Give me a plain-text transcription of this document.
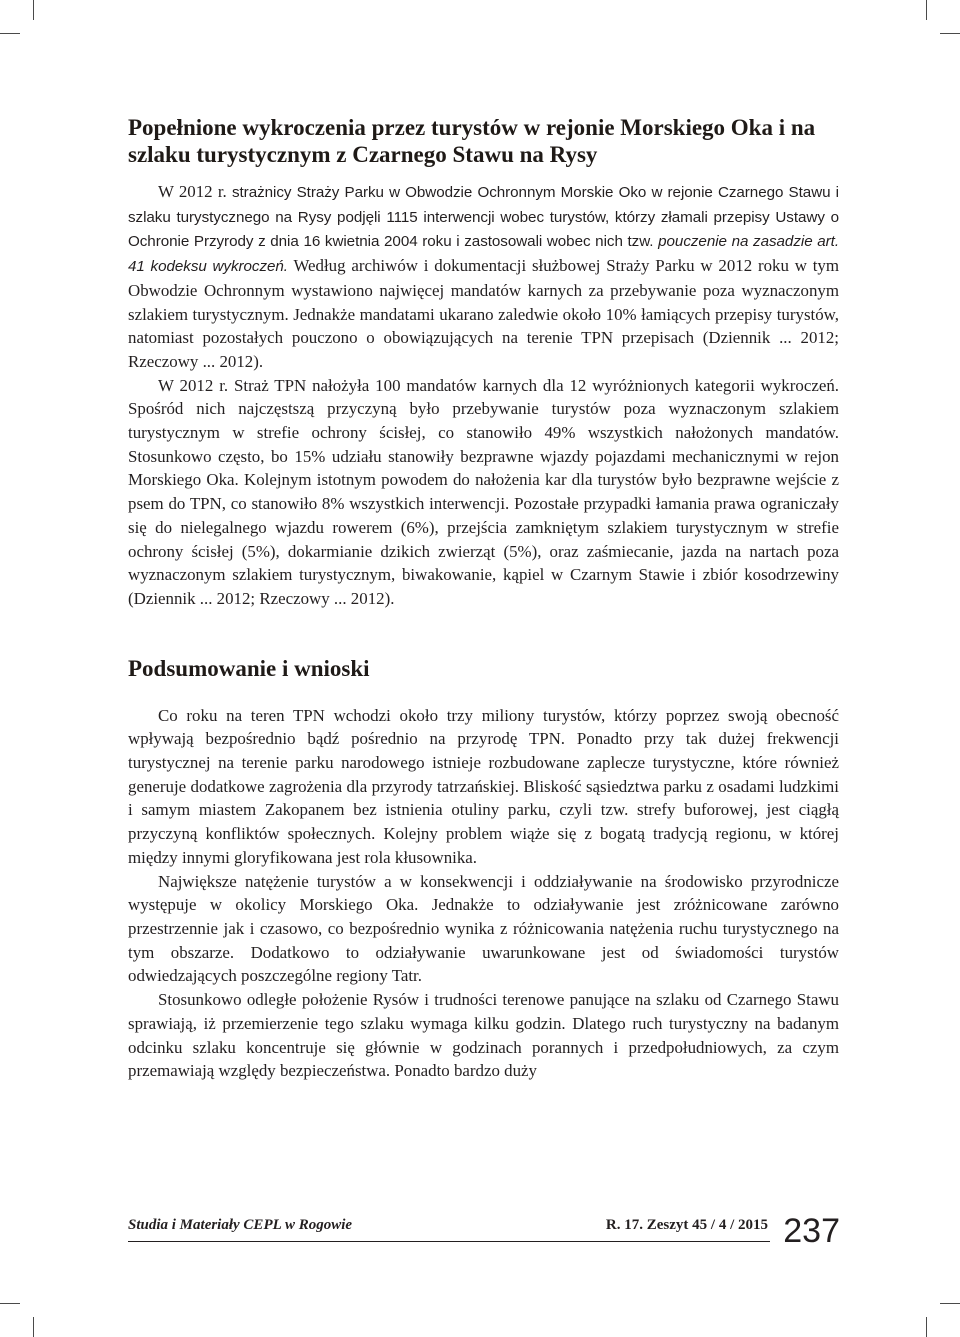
Popełnione wykroczenia przez turystów w rejonie Morskiego Oka i na szlaku turystycznym z Czarnego Stawu na Rysy

W 2012 r. strażnicy Straży Parku w Obwodzie Ochronnym Morskie Oko w rejonie Czarnego Stawu i szlaku turystycznego na Rysy podjęli 1115 interwencji wobec turystów, którzy złamali przepisy Ustawy o Ochronie Przyrody z dnia 16 kwietnia 2004 roku i zastosowali wobec nich tzw. pouczenie na zasadzie art. 41 kodeksu wykroczeń. Według archiwów i dokumentacji służbowej Straży Parku w 2012 roku w tym Obwodzie Ochronnym wystawiono najwięcej mandatów karnych za przebywanie poza wyznaczonym szlakiem turystycznym. Jednakże mandatami ukarano zaledwie około 10% łamiących przepisy turystów, natomiast pozostałych pouczono o obowiązujących na terenie TPN przepisach (Dziennik ... 2012; Rzeczowy ... 2012).

W 2012 r. Straż TPN nałożyła 100 mandatów karnych dla 12 wyróżnionych kategorii wykroczeń. Spośród nich najczęstszą przyczyną było przebywanie turystów poza wyznaczonym szlakiem turystycznym w strefie ochrony ścisłej, co stanowiło 49% wszystkich nałożonych mandatów. Stosunkowo często, bo 15% udziału stanowiły bezprawne wjazdy pojazdami mechanicznymi w rejon Morskiego Oka. Kolejnym istotnym powodem do nałożenia kar dla turystów było bezprawne wejście z psem do TPN, co stanowiło 8% wszystkich interwencji. Pozostałe przypadki łamania prawa ograniczały się do nielegalnego wjazdu rowerem (6%), przejścia zamkniętym szlakiem turystycznym w strefie ochrony ścisłej (5%), dokarmianie dzikich zwierząt (5%), oraz zaśmiecanie, jazda na nartach poza wyznaczonym szlakiem turystycznym, biwakowanie, kąpiel w Czarnym Stawie i zbiór kosodrzewiny (Dziennik ... 2012; Rzeczowy ... 2012).

Podsumowanie i wnioski

Co roku na teren TPN wchodzi około trzy miliony turystów, którzy poprzez swoją obecność wpływają bezpośrednio bądź pośrednio na przyrodę TPN. Ponadto przy tak dużej frekwencji turystycznej na terenie parku narodowego istnieje rozbudowane zaplecze turystyczne, które również generuje dodatkowe zagrożenia dla przyrody tatrzańskiej. Bliskość sąsiedztwa parku z osadami ludzkimi i samym miastem Zakopanem bez istnienia otuliny parku, czyli tzw. strefy buforowej, jest ciągłą przyczyną konfliktów społecznych. Kolejny problem wiąże się z bogatą tradycją regionu, w której między innymi gloryfikowana jest rola kłusownika.

Największe natężenie turystów a w konsekwencji i oddziaływanie na środowisko przyrodnicze występuje w okolicy Morskiego Oka. Jednakże to odziaływanie jest zróżnicowane zarówno przestrzennie jak i czasowo, co bezpośrednio wynika z różnicowania natężenia ruchu turystycznego na tym obszarze. Dodatkowo to odziaływanie uwarunkowane jest od świadomości turystów odwiedzających poszczególne regiony Tatr.

Stosunkowo odległe położenie Rysów i trudności terenowe panujące na szlaku od Czarnego Stawu sprawiają, iż przemierzenie tego szlaku wymaga kilku godzin. Dlatego ruch turystyczny na badanym odcinku szlaku koncentruje się głównie w godzinach porannych i przedpołudniowych, za czym przemawiają względy bezpieczeństwa. Ponadto bardzo duży

Studia i Materiały CEPL w Rogowie	R. 17. Zeszyt 45 / 4 / 2015 237
